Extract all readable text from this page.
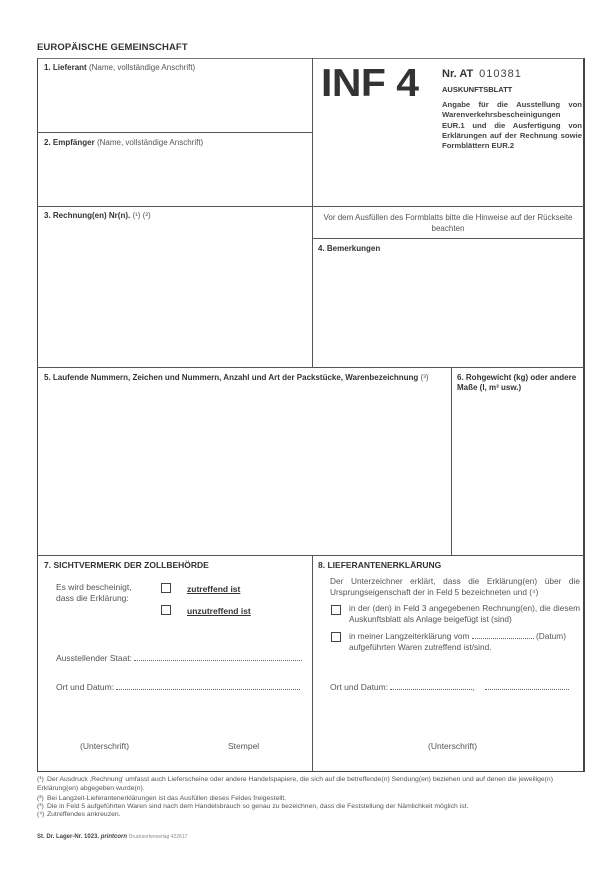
EUROPÄISCHE GEMEINSCHAFT
1. Lieferant (Name, vollständige Anschrift)
2. Empfänger (Name, vollständige Anschrift)
INF 4 Nr. AT 010381
AUSKUNFTSBLATT
Angabe für die Ausstellung von Warenverkehrsbescheinigungen EUR.1 und die Ausfertigung von Erklärungen auf der Rechnung sowie Formblättern EUR.2
3. Rechnung(en) Nr(n). (¹) (²)	Vor dem Ausfüllen des Formblatts bitte die Hinweise auf der Rückseite beachten
4. Bemerkungen
5. Laufende Nummern, Zeichen und Nummern, Anzahl und Art der Packstücke, Warenbezeichnung (³)	6. Rohgewicht (kg) oder andere Maße (l, m³ usw.)
7. SICHTVERMERK DER ZOLLBEHÖRDE
Es wird bescheinigt, dass die Erklärung:
zutreffend ist
unzutreffend ist
Ausstellender Staat:
Ort und Datum:
(Unterschrift)	Stempel
8. LIEFERANTENERKLÄRUNG
Der Unterzeichner erklärt, dass die Erklärung(en) über die Ursprungseigenschaft der in Feld 5 bezeichneten und (⁴)
in der (den) in Feld 3 angegebenen Rechnung(en), die diesem Auskunftsblatt als Anlage beigefügt ist (sind)
in meiner Langzeiterklärung vom	(Datum)
aufgeführten Waren zutreffend ist/sind.
Ort und Datum:	,
(Unterschrift)
(¹) Der Ausdruck ‚Rechnung' umfasst auch Lieferscheine oder andere Handelspapiere, die sich auf die betreffende(n) Sendung(en) beziehen und auf denen die jeweilige(n) Erklärung(en) abgegeben wurde(n).
(²) Bei Langzeit-Lieferantenerklärungen ist das Ausfüllen dieses Feldes freigestellt.
(³) Die in Feld 5 aufgeführten Waren sind nach dem Handelsbrauch so genau zu bezeichnen, dass die Feststellung der Nämlichkeit möglich ist.
(⁴) Zutreffendes ankreuzen.
St. Dr. Lager-Nr. 1023. printcorn Drucksortenverlag 422617
